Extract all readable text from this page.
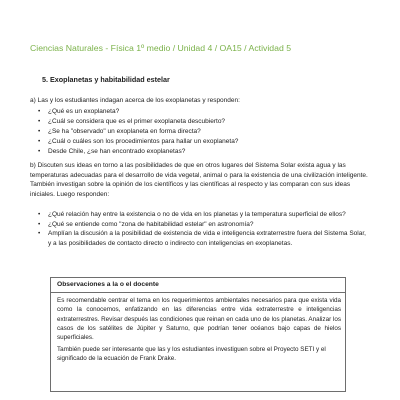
Ciencias Naturales - Física 1º medio / Unidad 4 / OA15 / Actividad 5
5. Exoplanetas y habitabilidad estelar
a) Las y los estudiantes indagan acerca de los exoplanetas y responden:
• ¿Qué es un exoplaneta?
• ¿Cuál se considera que es el primer exoplaneta descubierto?
• ¿Se ha "observado" un exoplaneta en forma directa?
• ¿Cuál o cuáles son los procedimientos para hallar un exoplaneta?
• Desde Chile, ¿se han encontrado exoplanetas?
b) Discuten sus ideas en torno a las posibilidades de que en otros lugares del Sistema Solar exista agua y las temperaturas adecuadas para el desarrollo de vida vegetal, animal o para la existencia de una civilización inteligente. También investigan sobre la opinión de los científicos y las científicas al respecto y las comparan con sus ideas iniciales. Luego responden:
• ¿Qué relación hay entre la existencia o no de vida en los planetas y la temperatura superficial de ellos?
• ¿Qué se entiende como "zona de habitabilidad estelar" en astronomía?
• Amplían la discusión a la posibilidad de existencia de vida e inteligencia extraterrestre fuera del Sistema Solar, y a las posibilidades de contacto directo o indirecto con inteligencias en exoplanetas.
Observaciones a la o el docente
Es recomendable centrar el tema en los requerimientos ambientales necesarios para que exista vida como la conocemos, enfatizando en las diferencias entre vida extraterrestre e inteligencias extraterrestres. Revisar después las condiciones que reinan en cada uno de los planetas. Analizar los casos de los satélites de Júpiter y Saturno, que podrían tener océanos bajo capas de hielos superficiales.
También puede ser interesante que las y los estudiantes investiguen sobre el Proyecto SETI y el significado de la ecuación de Frank Drake.
